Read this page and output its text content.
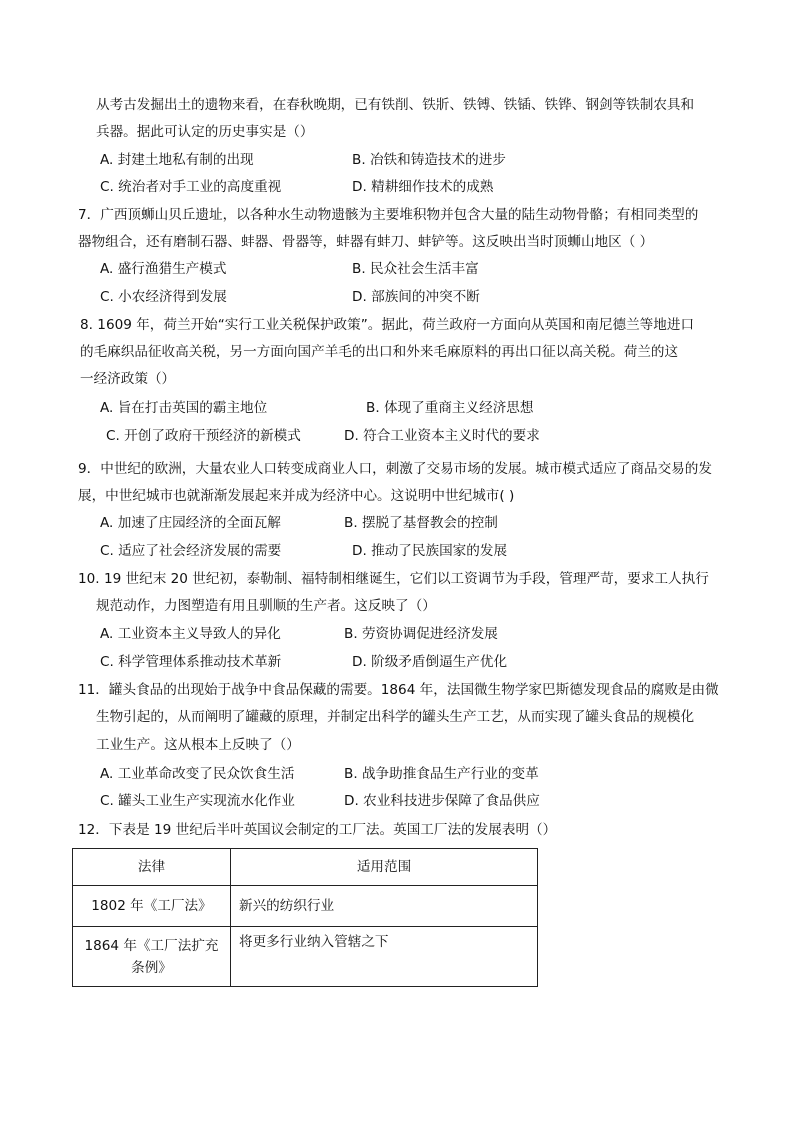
从考古发掘出土的遗物来看，在春秋晚期，已有铁削、铁斨、铁镈、铁锸、铁铧、钢剑等铁制农具和
兵器。据此可认定的历史事实是（）
A. 封建土地私有制的出现	B. 冶铁和铸造技术的进步
C. 统治者对手工业的高度重视	D. 精耕细作技术的成熟
7．广西顶蛳山贝丘遗址，以各种水生动物遗骸为主要堆积物并包含大量的陆生动物骨骼；有相同类型的
器物组合，还有磨制石器、蚌器、骨器等，蚌器有蚌刀、蚌铲等。这反映出当时顶蛳山地区（ ）
A. 盛行渔猎生产模式	B. 民众社会生活丰富
C. 小农经济得到发展	D. 部族间的冲突不断
8. 1609 年，荷兰开始“实行工业关税保护政策”。据此，荷兰政府一方面向从英国和南尼德兰等地进口
的毛麻织品征收高关税，另一方面向国产羊毛的出口和外来毛麻原料的再出口征以高关税。荷兰的这
一经济政策（）
A. 旨在打击英国的霸主地位	B. 体现了重商主义经济思想
C. 开创了政府干预经济的新模式	D. 符合工业资本主义时代的要求
9．中世纪的欧洲，大量农业人口转变成商业人口，刺激了交易市场的发展。城市模式适应了商品交易的发
展，中世纪城市也就渐渐发展起来并成为经济中心。这说明中世纪城市( )
A. 加速了庄园经济的全面瓦解	B. 摆脱了基督教会的控制
C. 适应了社会经济发展的需要	D. 推动了民族国家的发展
10. 19 世纪末 20 世纪初，泰勒制、福特制相继诞生，它们以工资调节为手段，管理严苛，要求工人执行
规范动作，力图塑造有用且驯顺的生产者。这反映了（）
A. 工业资本主义导致人的异化	B. 劳资协调促进经济发展
C. 科学管理体系推动技术革新	D. 阶级矛盾倒逼生产优化
11．罐头食品的出现始于战争中食品保藏的需要。1864 年，法国微生物学家巴斯德发现食品的腐败是由微
生物引起的，从而阐明了罐藏的原理，并制定出科学的罐头生产工艺，从而实现了罐头食品的规模化
工业生产。这从根本上反映了（）
A. 工业革命改变了民众饮食生活	B. 战争助推食品生产行业的变革
C. 罐头工业生产实现流水化作业	D. 农业科技进步保障了食品供应
12．下表是 19 世纪后半叶英国议会制定的工厂法。英国工厂法的发展表明（）
法律	适用范围
1802 年《工厂法》	新兴的纺织行业
1864 年《工厂法扩充条例》	将更多行业纳入管辖之下
